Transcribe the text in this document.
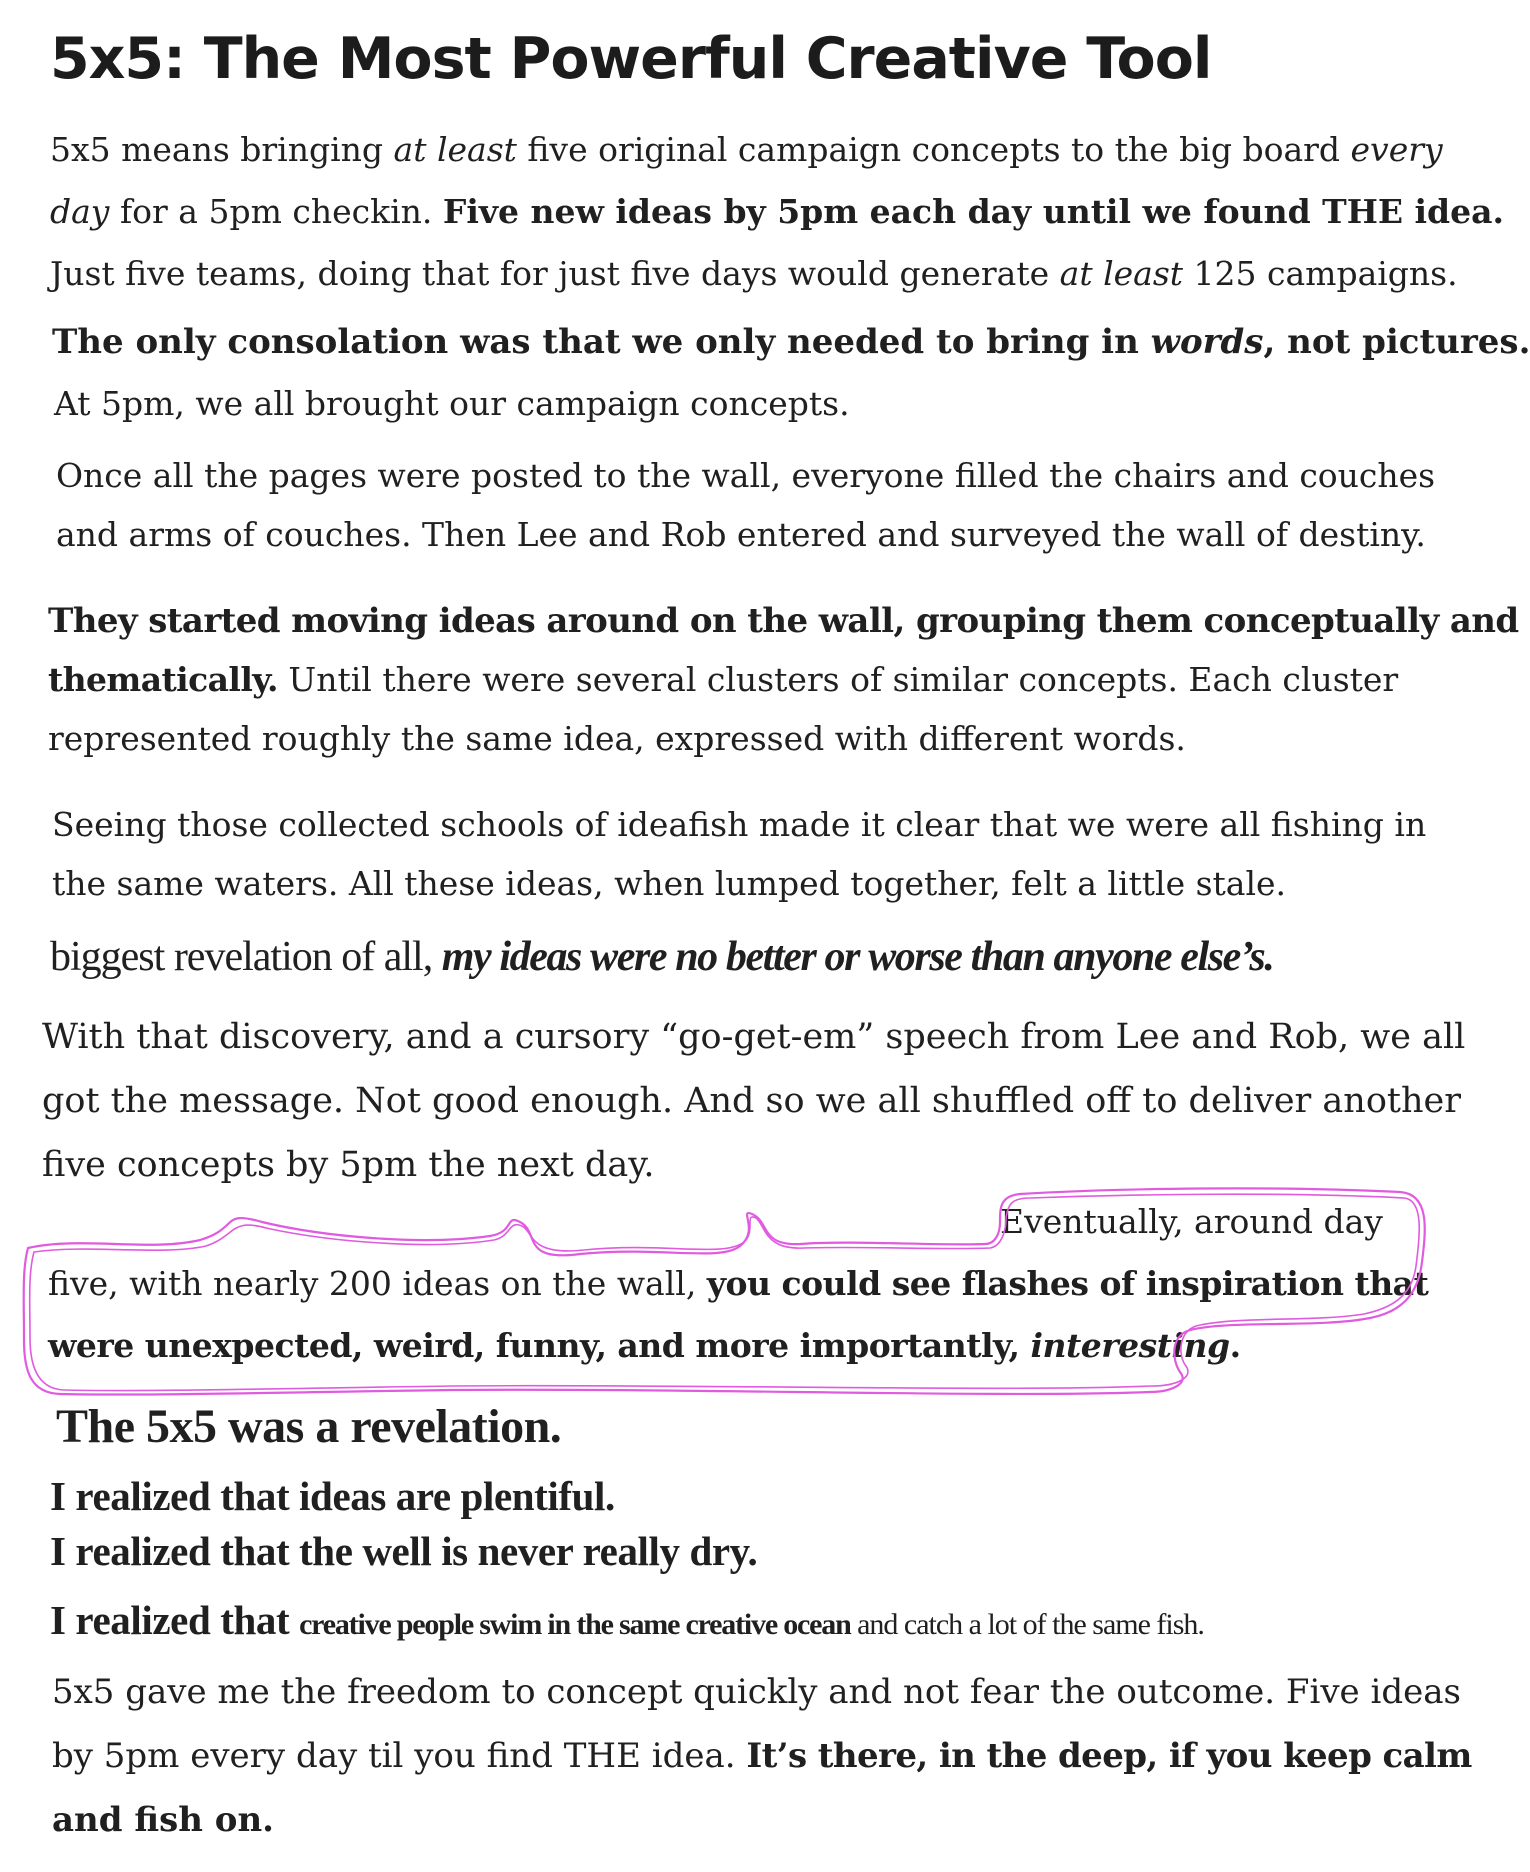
5x5: The Most Powerful Creative Tool
5x5 means bringing at least five original campaign concepts to the big board every
day for a 5pm checkin. Five new ideas by 5pm each day until we found THE idea.
Just five teams, doing that for just five days would generate at least 125 campaigns.
The only consolation was that we only needed to bring in words, not pictures.
At 5pm, we all brought our campaign concepts.
Once all the pages were posted to the wall, everyone filled the chairs and couches
and arms of couches. Then Lee and Rob entered and surveyed the wall of destiny.
They started moving ideas around on the wall, grouping them conceptually and
thematically. Until there were several clusters of similar concepts. Each cluster
represented roughly the same idea, expressed with different words.
Seeing those collected schools of ideafish made it clear that we were all fishing in
the same waters. All these ideas, when lumped together, felt a little stale.
biggest revelation of all, my ideas were no better or worse than anyone else’s.
With that discovery, and a cursory “go-get-em” speech from Lee and Rob, we all
got the message. Not good enough. And so we all shuffled off to deliver another
five concepts by 5pm the next day.
Eventually, around day
five, with nearly 200 ideas on the wall, you could see flashes of inspiration that
were unexpected, weird, funny, and more importantly, interesting.
The 5x5 was a revelation.
I realized that ideas are plentiful.
I realized that the well is never really dry.
I realized that creative people swim in the same creative ocean and catch a lot of the same fish.
5x5 gave me the freedom to concept quickly and not fear the outcome. Five ideas
by 5pm every day til you find THE idea. It’s there, in the deep, if you keep calm
and fish on.
